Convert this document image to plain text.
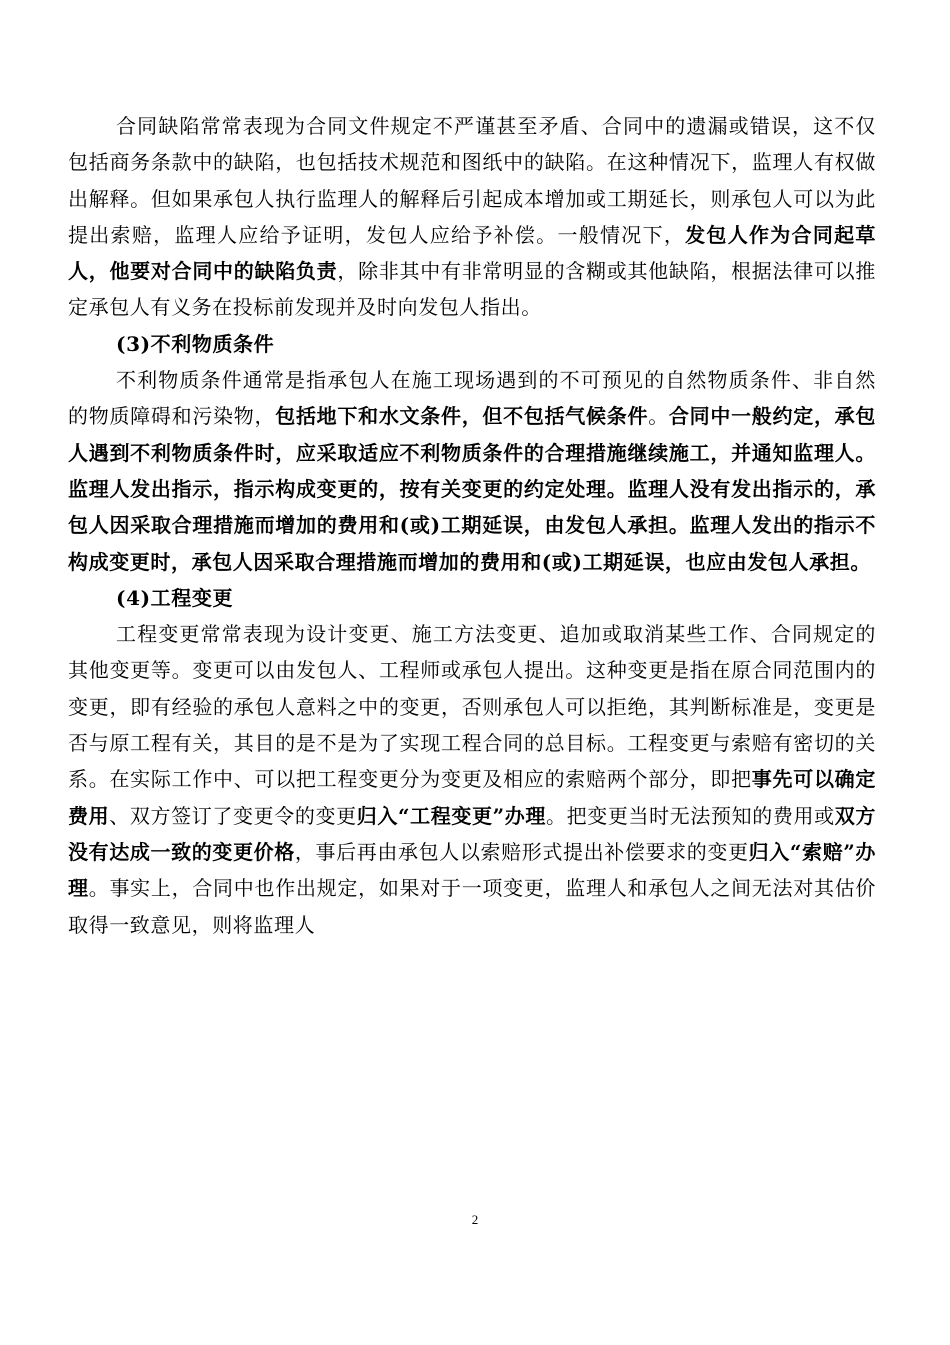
合同缺陷常常表现为合同文件规定不严谨甚至矛盾、合同中的遗漏或错误，这不仅包括商务条款中的缺陷，也包括技术规范和图纸中的缺陷。在这种情况下，监理人有权做出解释。但如果承包人执行监理人的解释后引起成本增加或工期延长，则承包人可以为此提出索赔，监理人应给予证明，发包人应给予补偿。一般情况下，发包人作为合同起草人，他要对合同中的缺陷负责，除非其中有非常明显的含糊或其他缺陷，根据法律可以推定承包人有义务在投标前发现并及时向发包人指出。

(3)不利物质条件

不利物质条件通常是指承包人在施工现场遇到的不可预见的自然物质条件、非自然的物质障碍和污染物，包括地下和水文条件，但不包括气候条件。合同中一般约定，承包人遇到不利物质条件时，应采取适应不利物质条件的合理措施继续施工，并通知监理人。监理人发出指示，指示构成变更的，按有关变更的约定处理。监理人没有发出指示的，承包人因采取合理措施而增加的费用和(或)工期延误，由发包人承担。监理人发出的指示不构成变更时，承包人因采取合理措施而增加的费用和(或)工期延误，也应由发包人承担。

(4)工程变更

工程变更常常表现为设计变更、施工方法变更、追加或取消某些工作、合同规定的其他变更等。变更可以由发包人、工程师或承包人提出。这种变更是指在原合同范围内的变更，即有经验的承包人意料之中的变更，否则承包人可以拒绝，其判断标准是，变更是否与原工程有关，其目的是不是为了实现工程合同的总目标。工程变更与索赔有密切的关系。在实际工作中、可以把工程变更分为变更及相应的索赔两个部分，即把事先可以确定费用、双方签订了变更令的变更归入“工程变更”办理。把变更当时无法预知的费用或双方没有达成一致的变更价格，事后再由承包人以索赔形式提出补偿要求的变更归入“索赔”办理。事实上，合同中也作出规定，如果对于一项变更，监理人和承包人之间无法对其估价取得一致意见，则将监理人

2
